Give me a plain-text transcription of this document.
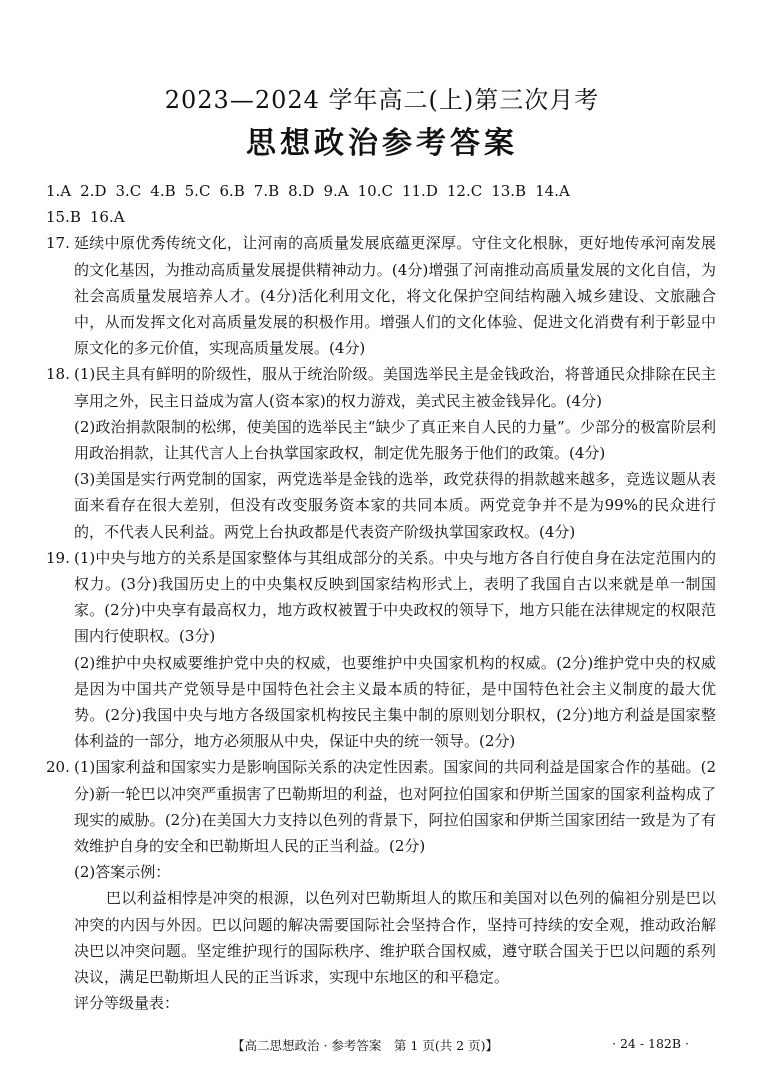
2023—2024 学年高二(上)第三次月考
思想政治参考答案
1.A 2.D 3.C 4.B 5.C 6.B 7.B 8.D 9.A 10.C 11.D 12.C 13.B 14.A
15.B 16.A
17. 延续中原优秀传统文化，让河南的高质量发展底蕴更深厚。守住文化根脉，更好地传承河南发展的文化基因，为推动高质量发展提供精神动力。(4分)增强了河南推动高质量发展的文化自信，为社会高质量发展培养人才。(4分)活化利用文化，将文化保护空间结构融入城乡建设、文旅融合中，从而发挥文化对高质量发展的积极作用。增强人们的文化体验、促进文化消费有利于彰显中原文化的多元价值，实现高质量发展。(4分)
18. (1)民主具有鲜明的阶级性，服从于统治阶级。美国选举民主是金钱政治，将普通民众排除在民主享用之外，民主日益成为富人(资本家)的权力游戏，美式民主被金钱异化。(4分)
(2)政治捐款限制的松绑，使美国的选举民主“缺少了真正来自人民的力量”。少部分的极富阶层利用政治捐款，让其代言人上台执掌国家政权，制定优先服务于他们的政策。(4分)
(3)美国是实行两党制的国家，两党选举是金钱的选举，政党获得的捐款越来越多，竞选议题从表面来看存在很大差别，但没有改变服务资本家的共同本质。两党竞争并不是为99%的民众进行的，不代表人民利益。两党上台执政都是代表资产阶级执掌国家政权。(4分)
19. (1)中央与地方的关系是国家整体与其组成部分的关系。中央与地方各自行使自身在法定范围内的权力。(3分)我国历史上的中央集权反映到国家结构形式上，表明了我国自古以来就是单一制国家。(2分)中央享有最高权力，地方政权被置于中央政权的领导下，地方只能在法律规定的权限范围内行使职权。(3分)
(2)维护中央权威要维护党中央的权威，也要维护中央国家机构的权威。(2分)维护党中央的权威是因为中国共产党领导是中国特色社会主义最本质的特征，是中国特色社会主义制度的最大优势。(2分)我国中央与地方各级国家机构按民主集中制的原则划分职权，(2分)地方利益是国家整体利益的一部分，地方必须服从中央，保证中央的统一领导。(2分)
20. (1)国家利益和国家实力是影响国际关系的决定性因素。国家间的共同利益是国家合作的基础。(2分)新一轮巴以冲突严重损害了巴勒斯坦的利益，也对阿拉伯国家和伊斯兰国家的国家利益构成了现实的威胁。(2分)在美国大力支持以色列的背景下，阿拉伯国家和伊斯兰国家团结一致是为了有效维护自身的安全和巴勒斯坦人民的正当利益。(2分)
(2)答案示例：
巴以利益相悖是冲突的根源，以色列对巴勒斯坦人的欺压和美国对以色列的偏袒分别是巴以冲突的内因与外因。巴以问题的解决需要国际社会坚持合作，坚持可持续的安全观，推动政治解决巴以冲突问题。坚定维护现行的国际秩序、维护联合国权威，遵守联合国关于巴以问题的系列决议，满足巴勒斯坦人民的正当诉求，实现中东地区的和平稳定。
评分等级量表：
【高二思想政治 · 参考答案　第 1 页(共 2 页)】	· 24 - 182B ·
